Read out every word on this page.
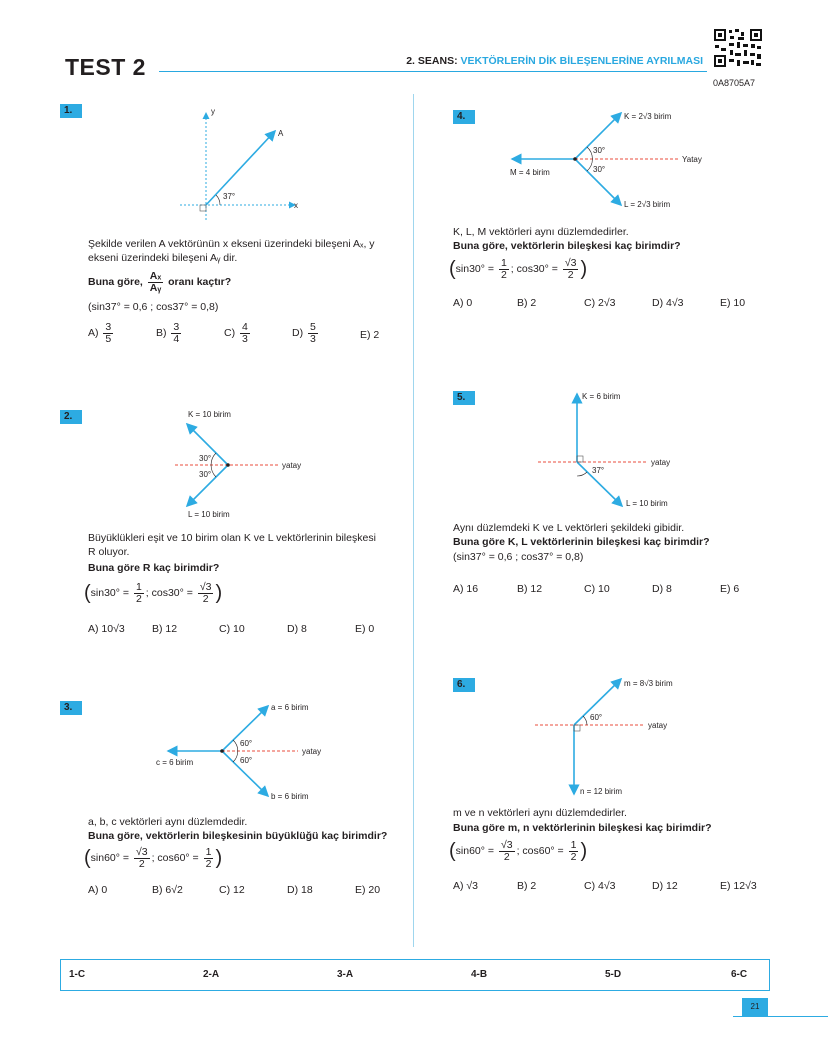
TEST 2	2. SEANS: VEKTÖRLERİN DİK BİLEŞENLERİNE AYRILMASI
0A8705A7
1.	y
x
A
37°
Şekilde verilen A vektörünün x ekseni üzerindeki bileşeni Aₓ, y
ekseni üzerindeki bileşeni Aᵧ dir.
Buna göre, $\frac{\text{Aₓ}}{\text{Aᵧ}}$ oranı kaçtır?
(sin37° = 0,6 ; cos37° = 0,8)
$A) \frac{3}{5}$	$B) \frac{3}{4}$	$C) \frac{4}{3}$	$D) \frac{5}{3}$	E) 2
2.	K = 10 birim
L = 10 birim
yatay
30°
30°
Büyüklükleri eşit ve 10 birim olan K ve L vektörlerinin bileşkesi
R oluyor.
Buna göre R kaç birimdir?
($\sin 30^\circ = \frac{1}{2}$ ; $\cos 30^\circ = \frac{√3}{2}$ )
A) 10√3	B) 12	C) 10	D) 8	E) 0
3.	a = 6 birim
b = 6 birim
c = 6 birim
yatay
60°
60°
a, b, c vektörleri aynı düzlemdedir.
Buna göre, vektörlerin bileşkesinin büyüklüğü kaç birimdir?
($\sin 60^\circ = \frac{√3}{2}$ ; $\cos 60^\circ = \frac{1}{2}$ )
A) 0	B) 6√2	C) 12	D) 18	E) 20
4.	K = 2√3 birim
L = 2√3 birim
M = 4 birim
Yatay
30°
30°
K, L, M vektörleri aynı düzlemdedirler.
Buna göre, vektörlerin bileşkesi kaç birimdir?
($\sin 30^\circ = \frac{1}{2}$ ; $\cos 30^\circ = \frac{√3}{2}$ )
A) 0	B) 2	C) 2√3	D) 4√3	E) 10
5.	K = 6 birim
L = 10 birim
yatay
37°
Aynı düzlemdeki K ve L vektörleri şekildeki gibidir.
Buna göre K, L vektörlerinin bileşkesi kaç birimdir?
(sin37° = 0,6 ; cos37° = 0,8)
A) 16	B) 12	C) 10	D) 8	E) 6
6.	m = 8√3 birim
n = 12 birim
yatay
60°
m ve n vektörleri aynı düzlemdedirler.
Buna göre m, n vektörlerinin bileşkesi kaç birimdir?
($\sin 60^\circ = \frac{√3}{2}$ ; $\cos 60^\circ = \frac{1}{2}$ )
A) √3	B) 2	C) 4√3	D) 12	E) 12√3
1-C	2-A	3-A	4-B	5-D	6-C
21
